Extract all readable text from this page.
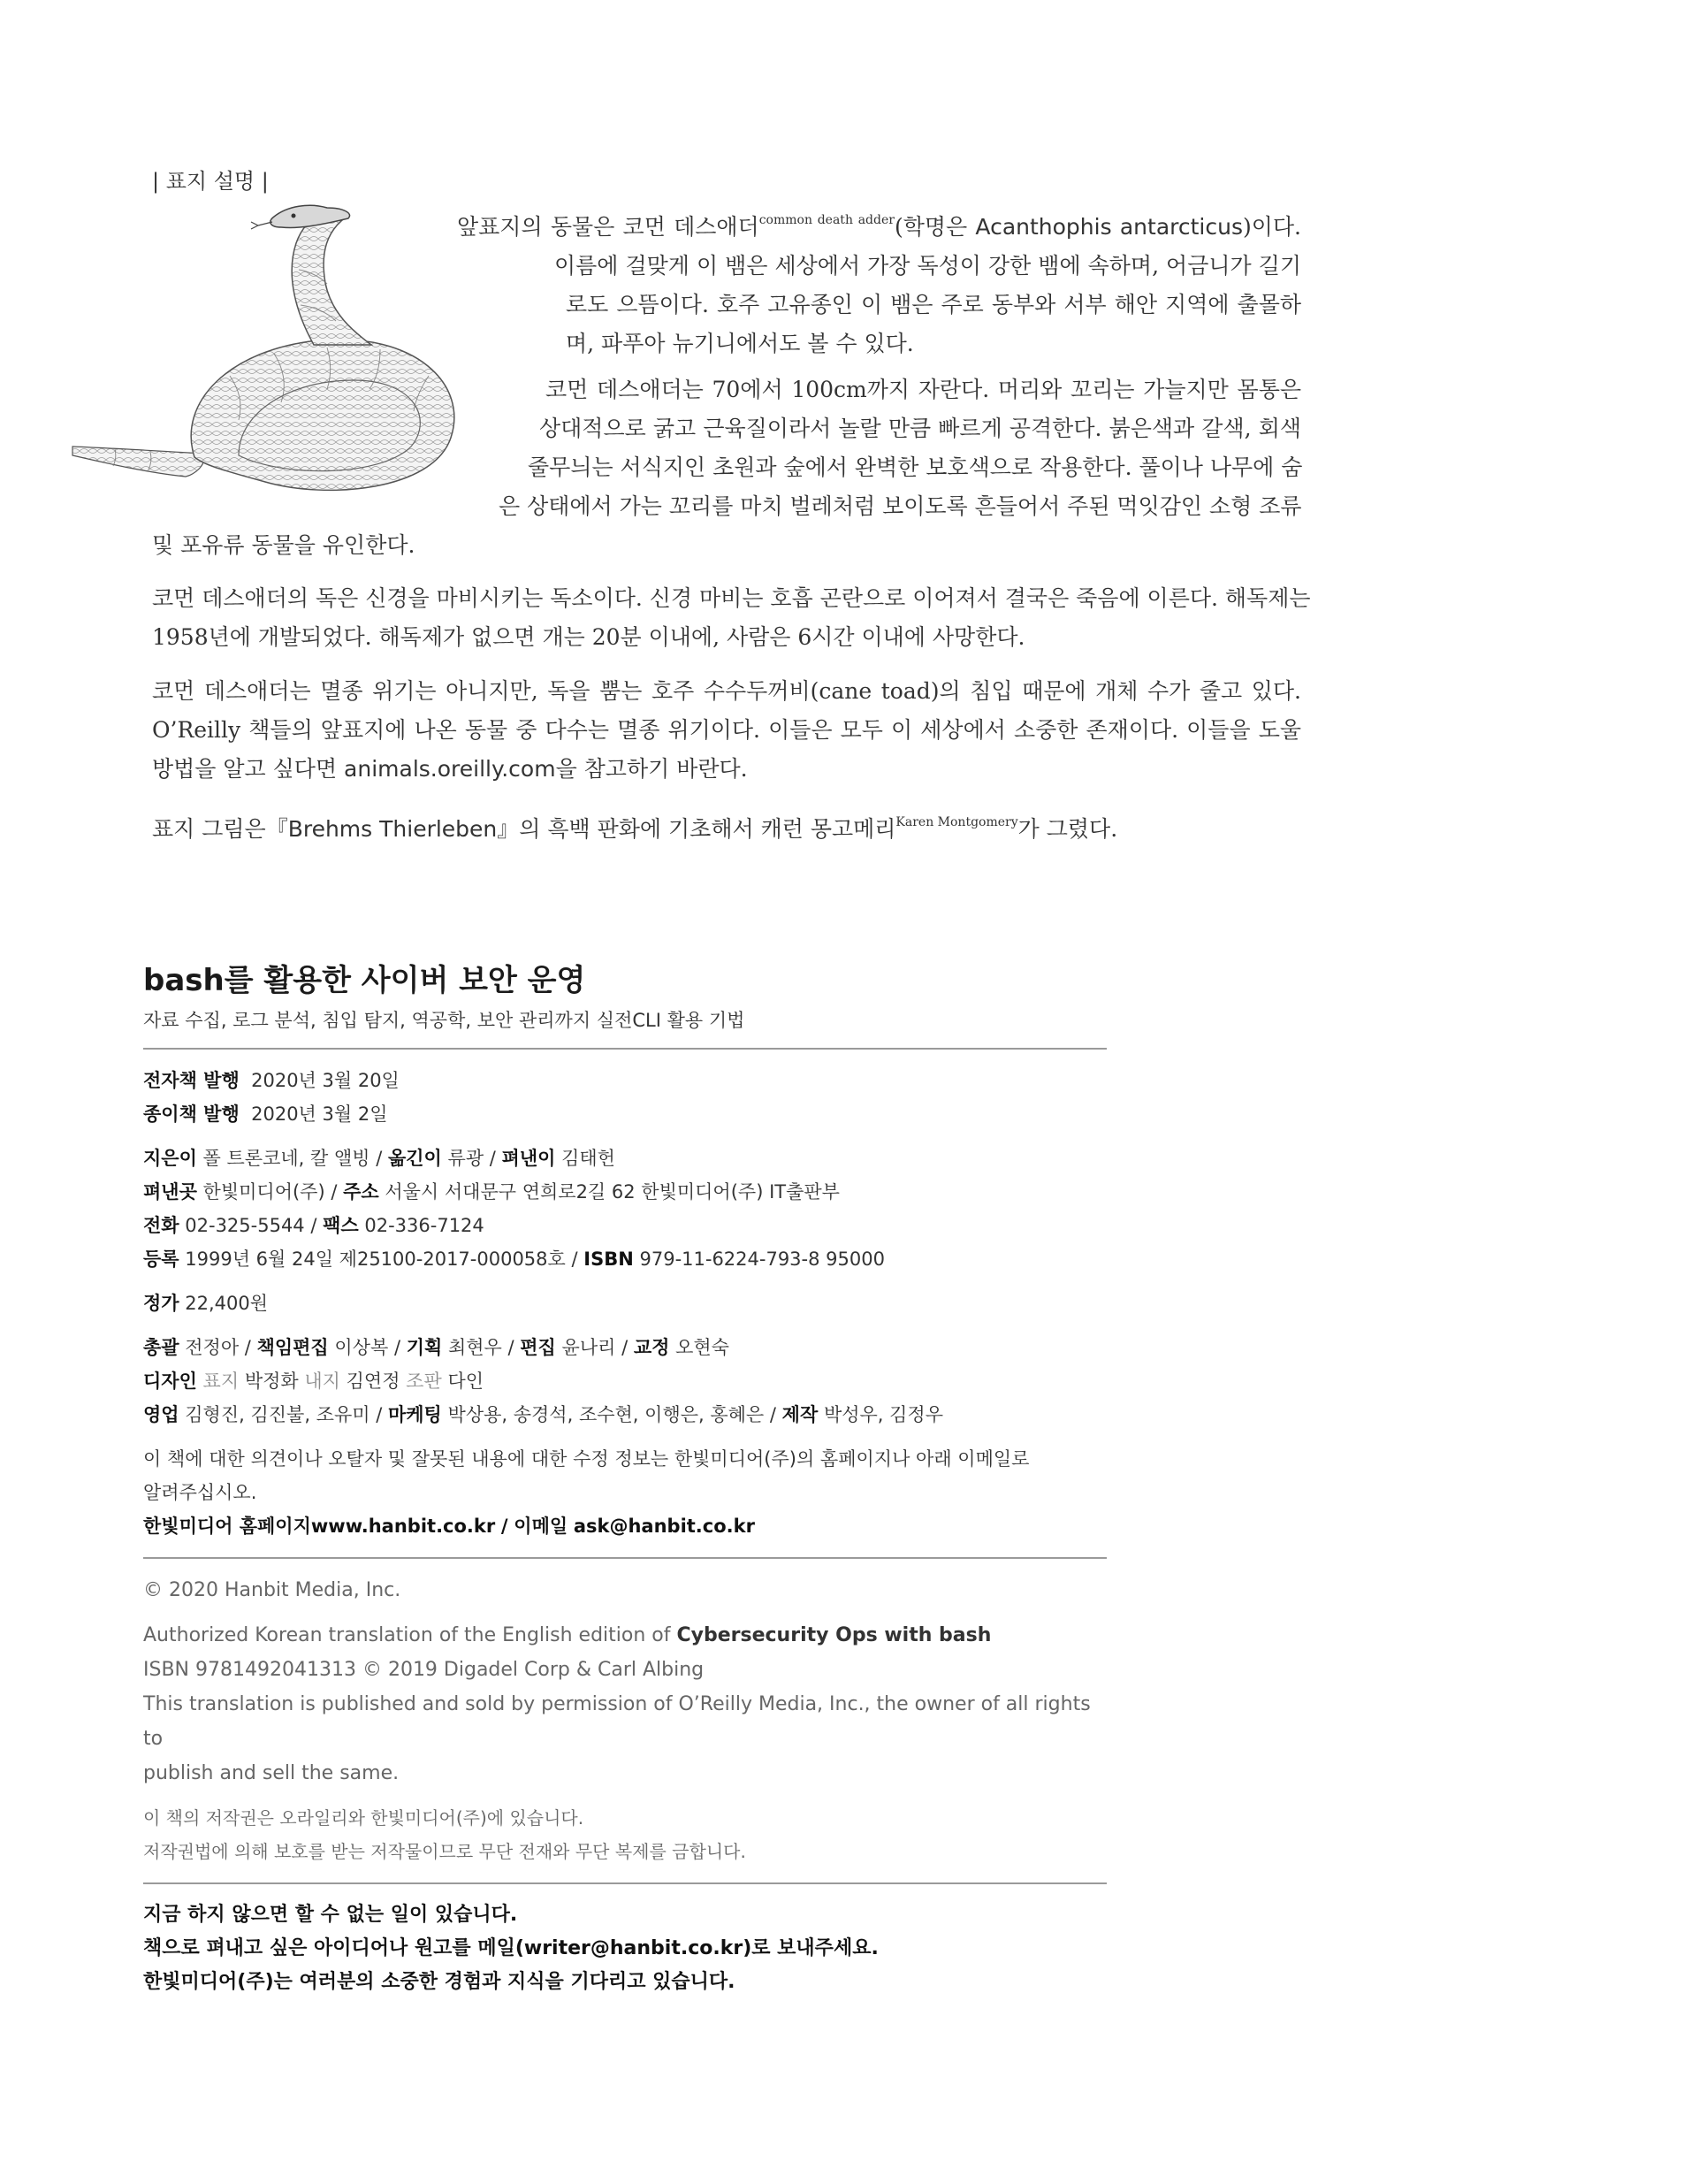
| 표지 설명 |
앞표지의 동물은 코먼 데스애더$^{common death adder}$(학명은 Acanthophis antarcticus)이다.
이름에 걸맞게 이 뱀은 세상에서 가장 독성이 강한 뱀에 속하며, 어금니가 길기
로도 으뜸이다. 호주 고유종인 이 뱀은 주로 동부와 서부 해안 지역에 출몰하
며, 파푸아 뉴기니에서도 볼 수 있다.
코먼 데스애더는 70에서 100cm까지 자란다. 머리와 꼬리는 가늘지만 몸통은
상대적으로 굵고 근육질이라서 놀랄 만큼 빠르게 공격한다. 붉은색과 갈색, 회색
줄무늬는 서식지인 초원과 숲에서 완벽한 보호색으로 작용한다. 풀이나 나무에 숨
은 상태에서 가는 꼬리를 마치 벌레처럼 보이도록 흔들어서 주된 먹잇감인 소형 조류
및 포유류 동물을 유인한다.
코먼 데스애더의 독은 신경을 마비시키는 독소이다. 신경 마비는 호흡 곤란으로 이어져서 결국은 죽음에 이른다. 해독제는
1958년에 개발되었다. 해독제가 없으면 개는 20분 이내에, 사람은 6시간 이내에 사망한다.
코먼 데스애더는 멸종 위기는 아니지만, 독을 뿜는 호주 수수두꺼비(cane toad)의 침입 때문에 개체 수가 줄고 있다.
O’Reilly 책들의 앞표지에 나온 동물 중 다수는 멸종 위기이다. 이들은 모두 이 세상에서 소중한 존재이다. 이들을 도울
방법을 알고 싶다면 animals.oreilly.com을 참고하기 바란다.
표지 그림은『Brehms Thierleben』의 흑백 판화에 기초해서 캐런 몽고메리$^{Karen Montgomery}$가 그렸다.
bash를 활용한 사이버 보안 운영

자료 수집, 로그 분석, 침입 탐지, 역공학, 보안 관리까지 실전CLI 활용 기법

전자책 발행 2020년 3월 20일

종이책 발행 2020년 3월 2일

지은이 폴 트론코네, 칼 앨빙 / 옮긴이 류광 / 펴낸이 김태헌

펴낸곳 한빛미디어(주) / 주소 서울시 서대문구 연희로2길 62 한빛미디어(주) IT출판부

전화 02-325-5544 / 팩스 02-336-7124

등록 1999년 6월 24일 제25100-2017-000058호 / ISBN 979-11-6224-793-8 95000

정가 22,400원

총괄 전정아 / 책임편집 이상복 / 기획 최현우 / 편집 윤나리 / 교정 오현숙

디자인 표지 박정화 내지 김연정 조판 다인

영업 김형진, 김진불, 조유미 / 마케팅 박상용, 송경석, 조수현, 이행은, 홍혜은 / 제작 박성우, 김정우

이 책에 대한 의견이나 오탈자 및 잘못된 내용에 대한 수정 정보는 한빛미디어(주)의 홈페이지나 아래 이메일로

알려주십시오.

한빛미디어 홈페이지www.hanbit.co.kr / 이메일 ask@hanbit.co.kr

© 2020 Hanbit Media, Inc.

Authorized Korean translation of the English edition of Cybersecurity Ops with bash

ISBN 9781492041313 © 2019 Digadel Corp & Carl Albing

This translation is published and sold by permission of O’Reilly Media, Inc., the owner of all rights to

publish and sell the same.

이 책의 저작권은 오라일리와 한빛미디어(주)에 있습니다.

저작권법에 의해 보호를 받는 저작물이므로 무단 전재와 무단 복제를 금합니다.

지금 하지 않으면 할 수 없는 일이 있습니다.

책으로 펴내고 싶은 아이디어나 원고를 메일(writer@hanbit.co.kr)로 보내주세요.

한빛미디어(주)는 여러분의 소중한 경험과 지식을 기다리고 있습니다.
